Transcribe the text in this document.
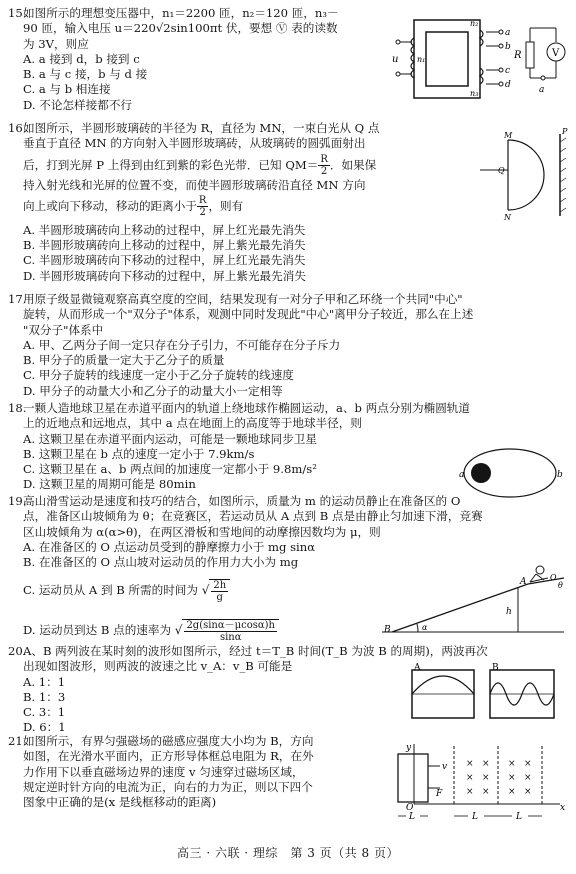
15.如图所示的理想变压器中，n₁＝2200 匝，n₂＝120 匝，n₃－
90 匝，输入电压 u＝220√2sin100πt 伏，要想 Ⓥ 表的读数
为 3V，则应
A. a 接到 d，b 接到 c
B. a 与 c 接，b 与 d 接
C. a 与 b 相连接
D. 不论怎样接都不行
u n₁
n₂
n₃
a
b
c
d
R	V
a
16.如图所示，半圆形玻璃砖的半径为 R，直径为 MN，一束白光从 Q 点
垂直于直径 MN 的方向射入半圆形玻璃砖，从玻璃砖的圆弧面射出
后，打到光屏 P 上得到由红到紫的彩色光带．已知 $QM= \frac{R}{2}$ ．如果保
持入射光线和光屏的位置不变，而使半圆形玻璃砖沿直径 MN 方向
向上或向下移动，移动的距离小于 $\frac{R}{2}$ ，则有
A. 半圆形玻璃砖向上移动的过程中，屏上红光最先消失
B. 半圆形玻璃砖向上移动的过程中，屏上紫光最先消失
C. 半圆形玻璃砖向下移动的过程中，屏上红光最先消失
D. 半圆形玻璃砖向下移动的过程中，屏上紫光最先消失
P
M
Q
N
17.用原子级显微镜观察高真空度的空间，结果发现有一对分子甲和乙环绕一个共同"中心"
旋转，从而形成一个"双分子"体系，观测中同时发现此"中心"离甲分子较近，那么在上述
"双分子"体系中
A. 甲、乙两分子间一定只存在分子引力，不可能存在分子斥力
B. 甲分子的质量一定大于乙分子的质量
C. 甲分子旋转的线速度一定小于乙分子旋转的线速度
D. 甲分子的动量大小和乙分子的动量大小一定相等
18.一颗人造地球卫星在赤道平面内的轨道上绕地球作椭圆运动，a、b 两点分别为椭圆轨道
上的近地点和远地点，其中 a 点在地面上的高度等于地球半径，则
A. 这颗卫星在赤道平面内运动，可能是一颗地球同步卫星
B. 这颗卫星在 b 点的速度一定小于 7.9km/s
C. 这颗卫星在 a、b 两点间的加速度一定都小于 9.8m/s²
D. 这颗卫星的周期可能是 80min
a	b
19.高山滑雪运动是速度和技巧的结合，如图所示，质量为 m 的运动员静止在准备区的 O
点，准备区山坡倾角为 θ；在竞赛区，若运动员从 A 点到 B 点是由静止匀加速下滑，竞赛
区山坡倾角为 α(α>θ)，在两区滑板和雪地间的动摩擦因数均为 μ，则
A. 在准备区的 O 点运动员受到的静摩擦力小于 mg sinα
B. 在准备区的 O 点山坡对运动员的作用力大小为 mg
C. 运动员从 A 到 B 所需的时间为 √ $\frac{2h}{g}$
D. 运动员到达 B 点的速率为 √ $\frac{2g(\sin\alpha-\mu\cos\alpha)h}{\sin\alpha}$	B
A	O
θ
h
α
20.A、B 两列波在某时刻的波形如图所示，经过 t＝T_B 时间(T_B 为波 B 的周期)，两波再次
出现如图波形，则两波的波速之比 v_A：v_B 可能是
A. 1：1
B. 1：3
C. 3：1
D. 6：1
A	B
21.如图所示，有界匀强磁场的磁感应强度大小均为 B，方向
如图，在光滑水平面内，正方形导体框总电阻为 R，在外
力作用下以垂直磁场边界的速度 v 匀速穿过磁场区域，
规定逆时针方向的电流为正，向右的力为正，则以下四个
图象中正确的是(x 是线框移动的距离)
y
O	x
v
F
× ×
× ×
× ×
× ×
× ×
× ×
L	L	L
高三 · 六联 · 理综　第 3 页（共 8 页）
